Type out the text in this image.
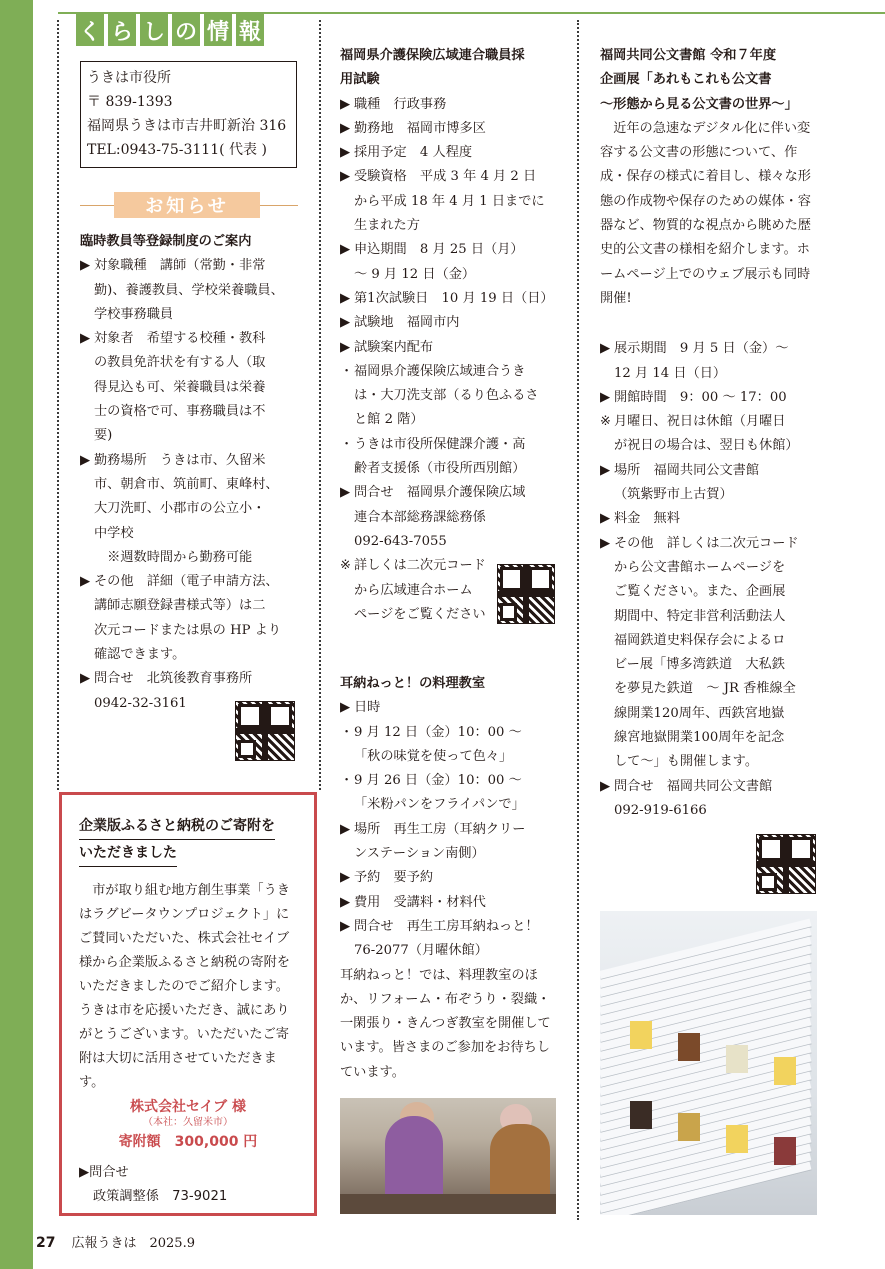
く ら し の 情 報
うきは市役所
〒 839-1393
福岡県うきは市吉井町新治 316
TEL:0943-75-3111( 代表 )
お知らせ
臨時教員等登録制度のご案内
▶ 対象職種　講師（常勤・非常
勤)、養護教員、学校栄養職員、
学校事務職員
▶ 対象者　希望する校種・教科
の教員免許状を有する人（取
得見込も可、栄養職員は栄養
士の資格で可、事務職員は不
要)
▶ 勤務場所　うきは市、久留米
市、朝倉市、筑前町、東峰村、
大刀洗町、小郡市の公立小・
中学校
　※週数時間から勤務可能
▶ その他　詳細（電子申請方法、
講師志願登録書様式等）は二
次元コードまたは県の HP より
確認できます。
▶ 問合せ　北筑後教育事務所
0942-32-3161
企業版ふるさと納税のご寄附を
いただきました
市が取り組む地方創生事業「うきはラグビータウンプロジェクト」にご賛同いただいた、株式会社セイブ様から企業版ふるさと納税の寄附をいただきましたのでご紹介します。うきは市を応援いただき、誠にありがとうございます。いただいたご寄附は大切に活用させていただきます。
株式会社セイブ 様
（本社：久留米市）
寄附額　300,000 円
▶問合せ
政策調整係　73-9021
福岡県介護保険広域連合職員採
用試験
▶ 職種　行政事務
▶ 勤務地　福岡市博多区
▶ 採用予定　4 人程度
▶ 受験資格　平成 3 年 4 月 2 日
から平成 18 年 4 月 1 日までに
生まれた方
▶ 申込期間　8 月 25 日（月）
～ 9 月 12 日（金）
▶ 第1次試験日　10 月 19 日（日）
▶ 試験地　福岡市内
▶ 試験案内配布
・ 福岡県介護保険広域連合うき
は・大刀洗支部（るり色ふるさ
と館 2 階）
・ うきは市役所保健課介護・高
齢者支援係（市役所西別館）
▶ 問合せ　福岡県介護保険広域
連合本部総務課総務係
092-643-7055
※ 詳しくは二次元コード
から広域連合ホーム
ページをご覧ください
耳納ねっと！の料理教室
▶ 日時
・ 9 月 12 日（金）10：00 ～
「秋の味覚を使って色々」
・ 9 月 26 日（金）10：00 ～
「米粉パンをフライパンで」
▶ 場所　再生工房（耳納クリー
ンステーション南側）
▶ 予約　要予約
▶ 費用　受講料・材料代
▶ 問合せ　再生工房耳納ねっと！
76-2077（月曜休館）
耳納ねっと！では、料理教室のほか、リフォーム・布ぞうり・裂織・一閑張り・きんつぎ教室を開催しています。皆さまのご参加をお待ちしています。
福岡共同公文書館 令和７年度
企画展「あれもこれも公文書
～形態から見る公文書の世界～」
近年の急速なデジタル化に伴い変容する公文書の形態について、作成・保存の様式に着目し、様々な形態の作成物や保存のための媒体・容器など、物質的な視点から眺めた歴史的公文書の様相を紹介します。ホームページ上でのウェブ展示も同時開催!
▶ 展示期間　9 月 5 日（金）～
12 月 14 日（日）
▶ 開館時間　9：00 ～ 17：00
※ 月曜日、祝日は休館（月曜日
が祝日の場合は、翌日も休館）
▶ 場所　福岡共同公文書館
（筑紫野市上古賀）
▶ 料金　無料
▶ その他　詳しくは二次元コード
から公文書館ホームページを
ご覧ください。また、企画展
期間中、特定非営利活動法人
福岡鉄道史料保存会によるロ
ビー展「博多湾鉄道　大私鉄
を夢見た鉄道　～ JR 香椎線全
線開業120周年、西鉄宮地嶽
線宮地嶽開業100周年を記念
して～」も開催します。
▶ 問合せ　福岡共同公文書館
092-919-6166
27 広報うきは　2025.9
